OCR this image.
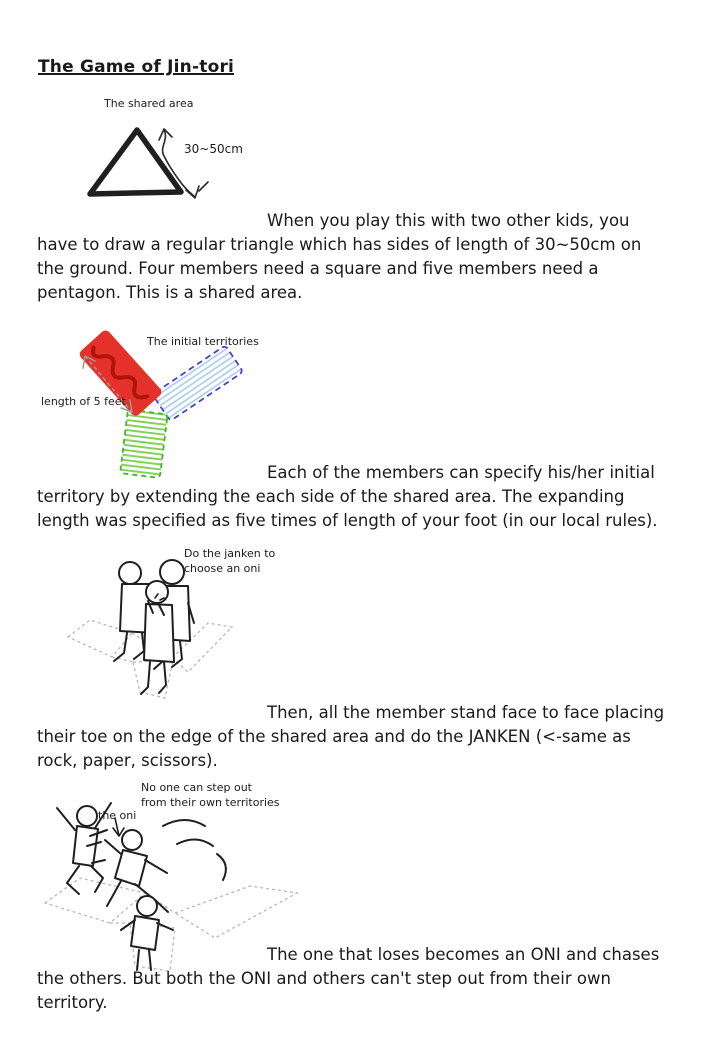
The Game of Jin-tori
The shared area
30~50cm
When you play this with two other kids, you
have to draw a regular triangle which has sides of length of 30~50cm on
the ground. Four members need a square and five members need a
pentagon. This is a shared area.
The initial territories
length of 5 feet
Each of the members can specify his/her initial
territory by extending the each side of the shared area. The expanding
length was specified as five times of length of your foot (in our local rules).
Do the janken to
choose an oni
Then, all the member stand face to face placing
their toe on the edge of the shared area and do the JANKEN (<-same as
rock, paper, scissors).
No one can step out
from their own territories
the oni
The one that loses becomes an ONI and chases
the others. But both the ONI and others can't step out from their own
territory.
